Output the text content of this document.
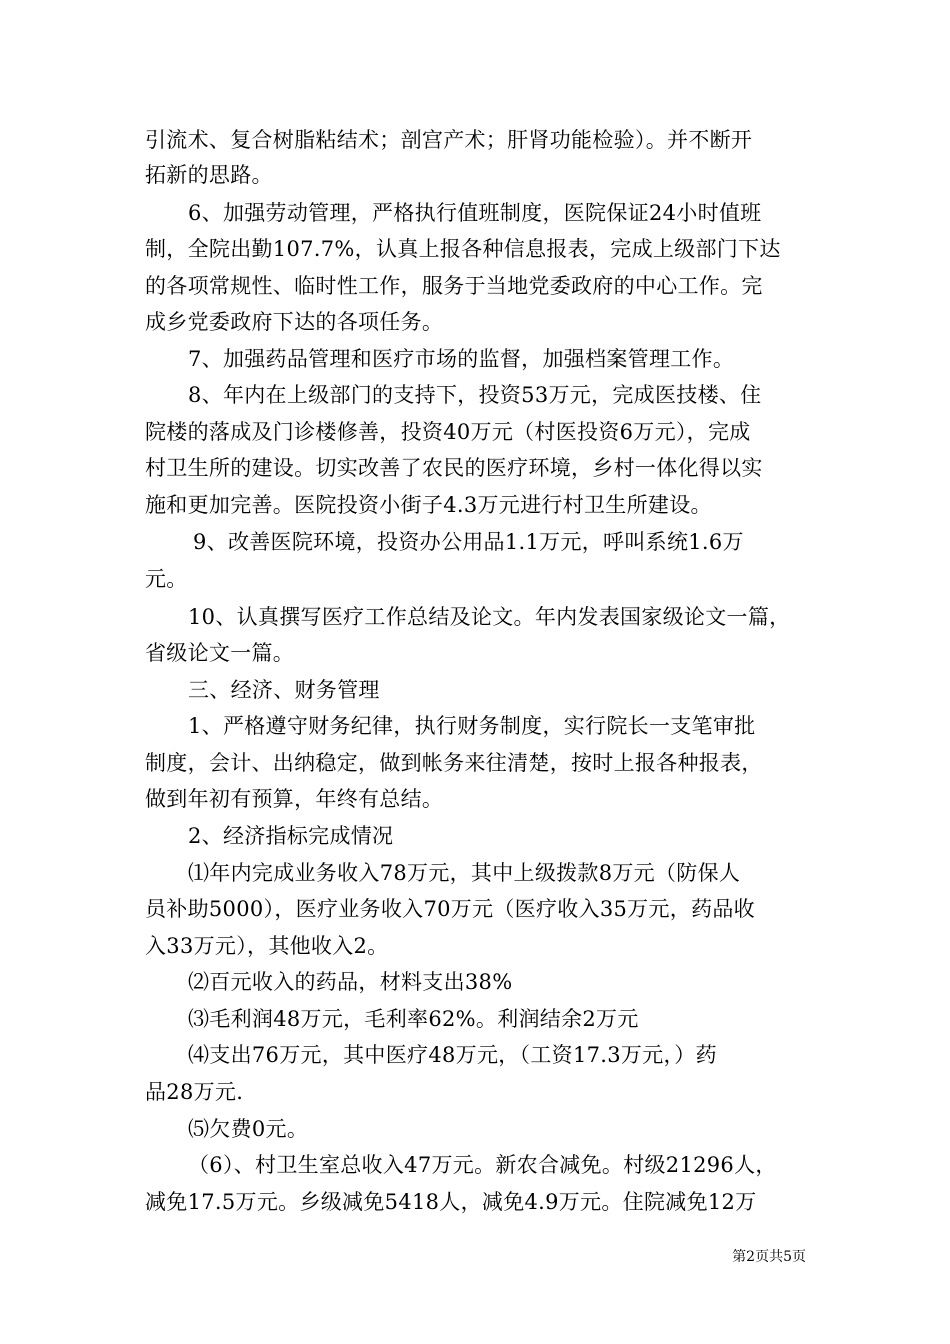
引流术、复合树脂粘结术；剖宫产术；肝肾功能检验）。并不断开
拓新的思路。
6、加强劳动管理，严格执行值班制度，医院保证24小时值班
制，全院出勤107.7%，认真上报各种信息报表，完成上级部门下达
的各项常规性、临时性工作，服务于当地党委政府的中心工作。完
成乡党委政府下达的各项任务。
7、加强药品管理和医疗市场的监督，加强档案管理工作。
8、年内在上级部门的支持下，投资53万元，完成医技楼、住
院楼的落成及门诊楼修善，投资40万元（村医投资6万元），完成
村卫生所的建设。切实改善了农民的医疗环境，乡村一体化得以实
施和更加完善。医院投资小街子4.3万元进行村卫生所建设。
9、改善医院环境，投资办公用品1.1万元，呼叫系统1.6万
元。
10、认真撰写医疗工作总结及论文。年内发表国家级论文一篇，
省级论文一篇。
三、经济、财务管理
1、严格遵守财务纪律，执行财务制度，实行院长一支笔审批
制度，会计、出纳稳定，做到帐务来往清楚，按时上报各种报表，
做到年初有预算，年终有总结。
2、经济指标完成情况
⑴年内完成业务收入78万元，其中上级拨款8万元（防保人
员补助5000），医疗业务收入70万元（医疗收入35万元，药品收
入33万元），其他收入2。
⑵百元收入的药品，材料支出38%
⑶毛利润48万元，毛利率62%。利润结余2万元
⑷支出76万元，其中医疗48万元，（工资17.3万元，）药
品28万元.
⑸欠费0元。
（6）、村卫生室总收入47万元。新农合减免。村级21296人，
减免17.5万元。乡级减免5418人，减免4.9万元。住院减免12万
第2页共5页
